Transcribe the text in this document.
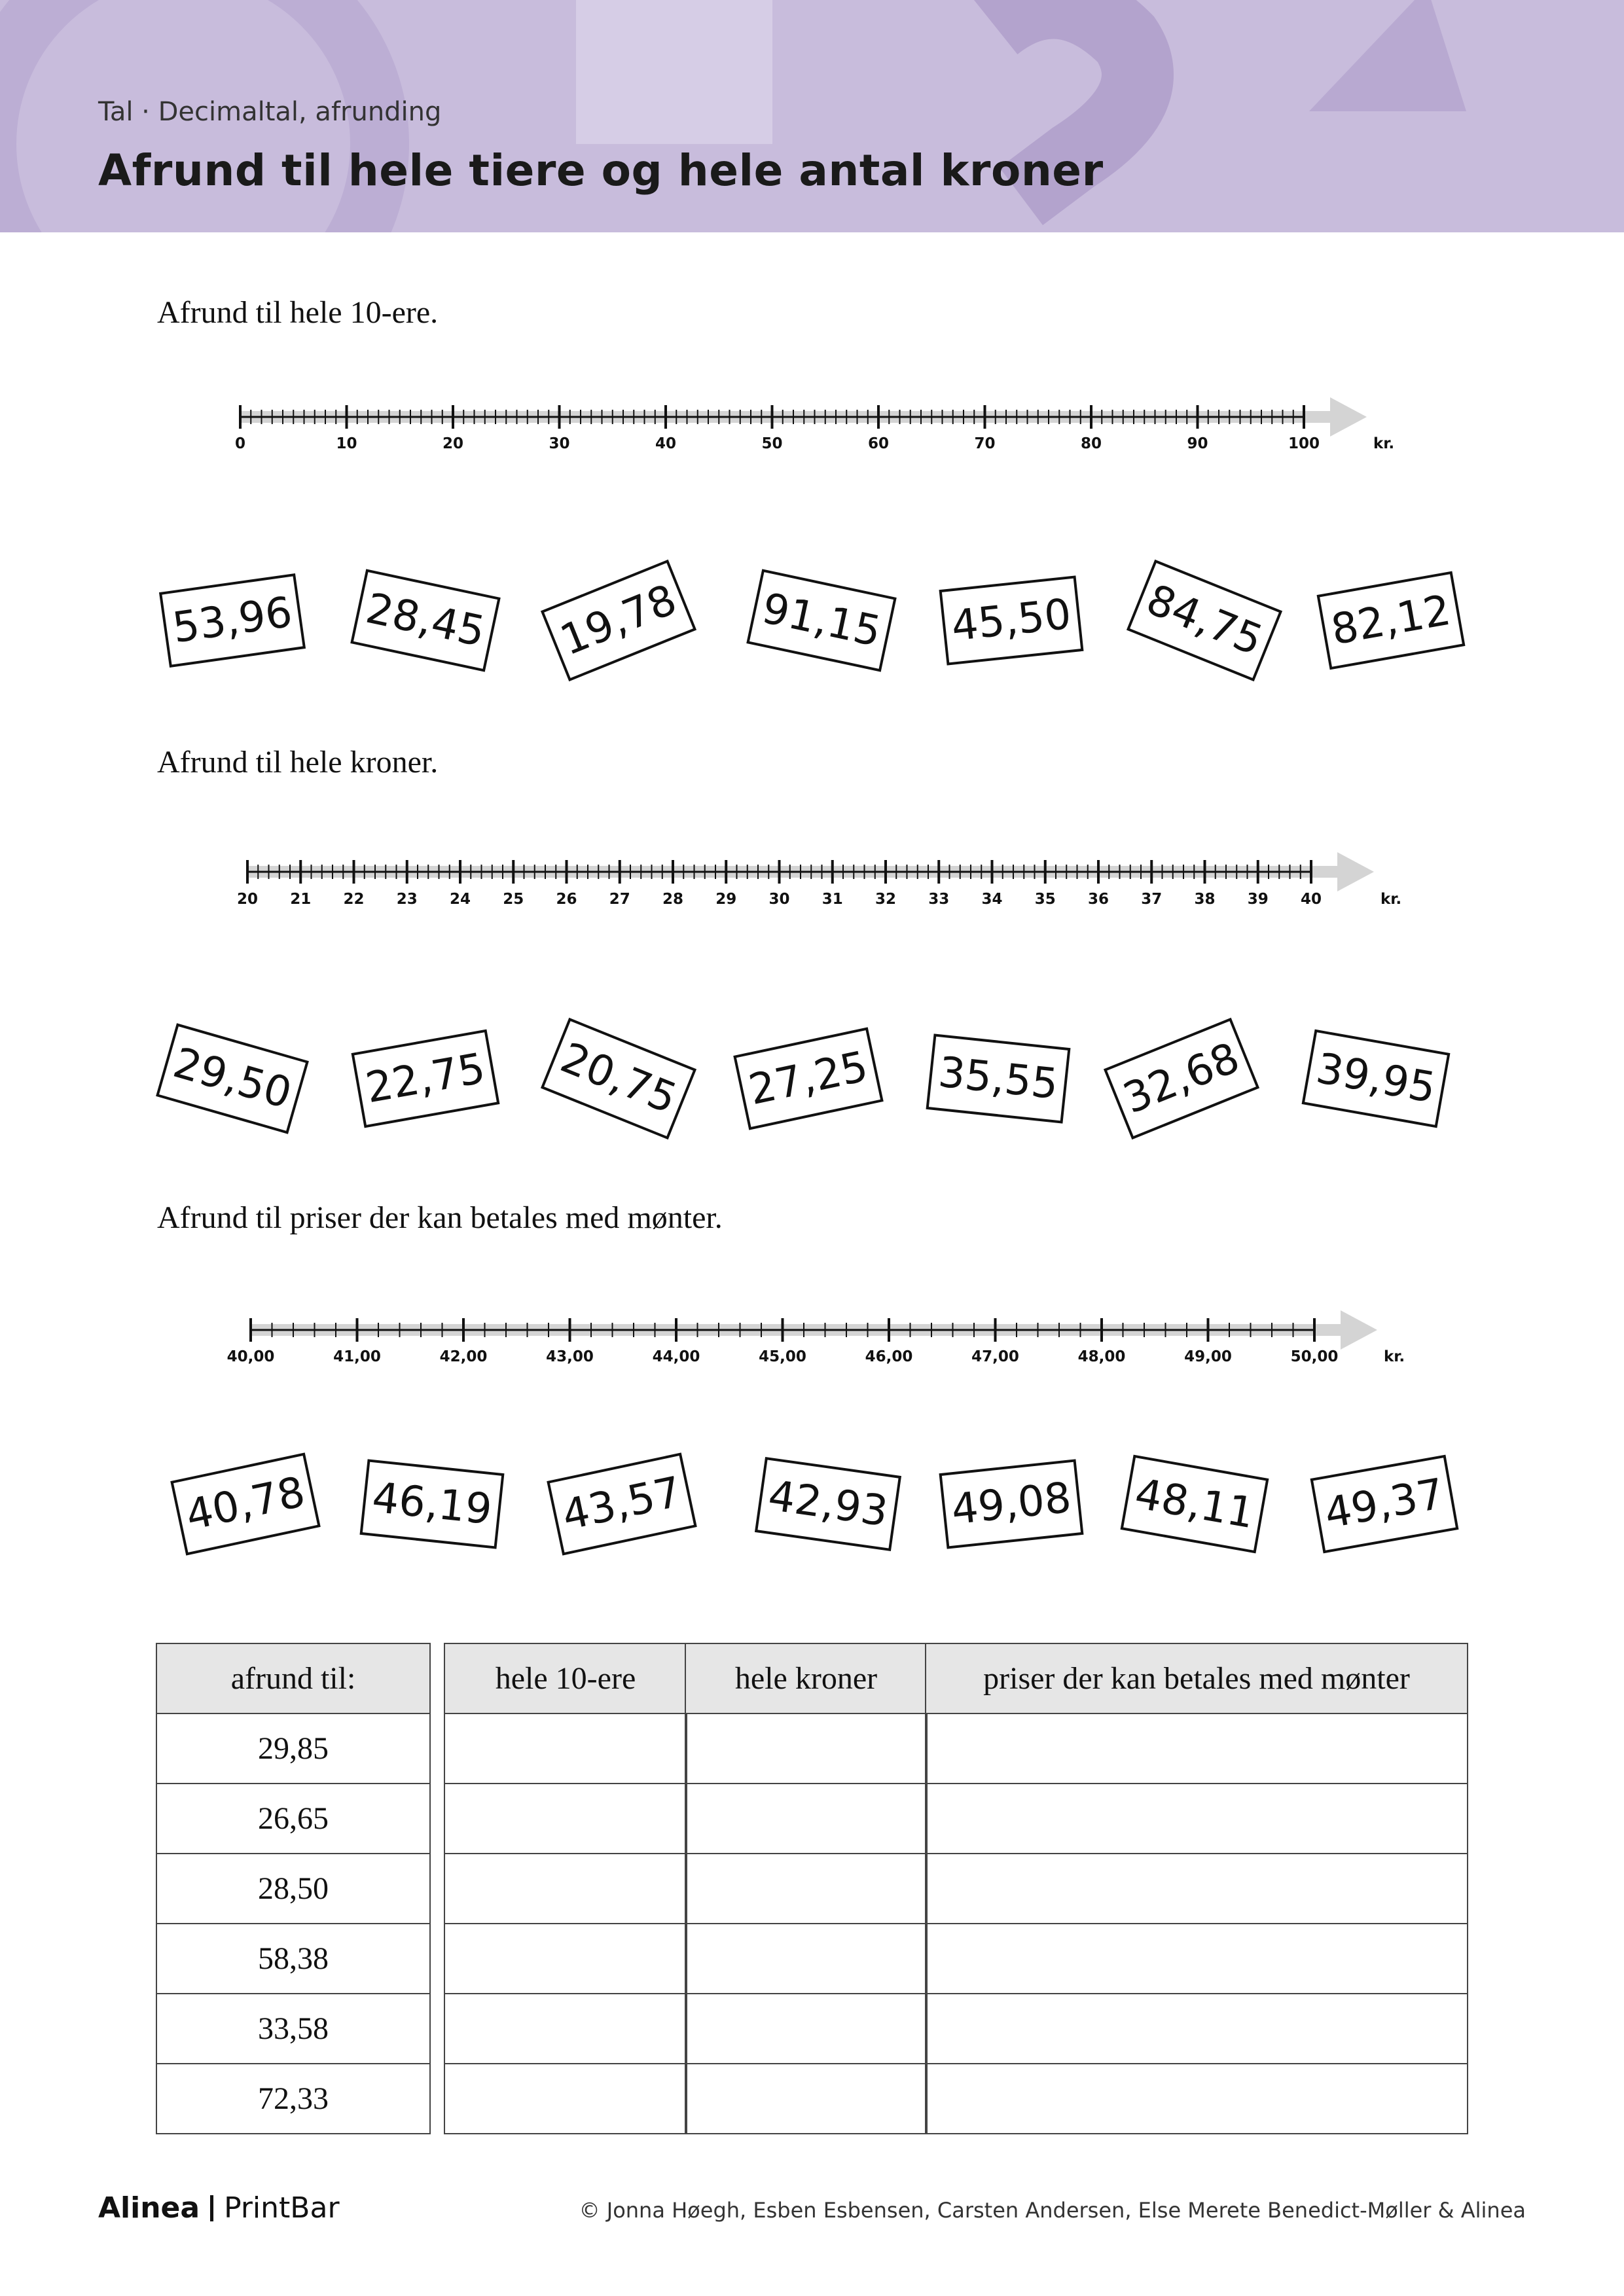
Tal · Decimaltal, afrunding
Afrund til hele tiere og hele antal kroner
Afrund til hele 10-ere.
Afrund til hele kroner.
Afrund til priser der kan betales med mønter.
0	10	20	30	40	50	60	70	80	90	100	kr.
20 21 22 23 24 25 26 27 28 29 30 31 32 33 34 35 36 37 38 39 40	kr.
40,00	41,00	42,00	43,00	44,00	45,00	46,00	47,00	48,00	49,00	50,00	kr.
53,96 28,45	19,78	91,15 45,50	84,75	82,12
29,50 22,75	20,75	27,25 35,55	32,68	39,95
40,78 46,19 43,57 42,93 49,08 48,11 49,37
afrund til:	hele 10-ere	hele kroner	priser der kan betales med mønter
29,85
26,65
28,50
58,38
33,58
72,33
Alinea PrintBar	© Jonna Høegh, Esben Esbensen, Carsten Andersen, Else Merete Benedict-Møller & Alinea
